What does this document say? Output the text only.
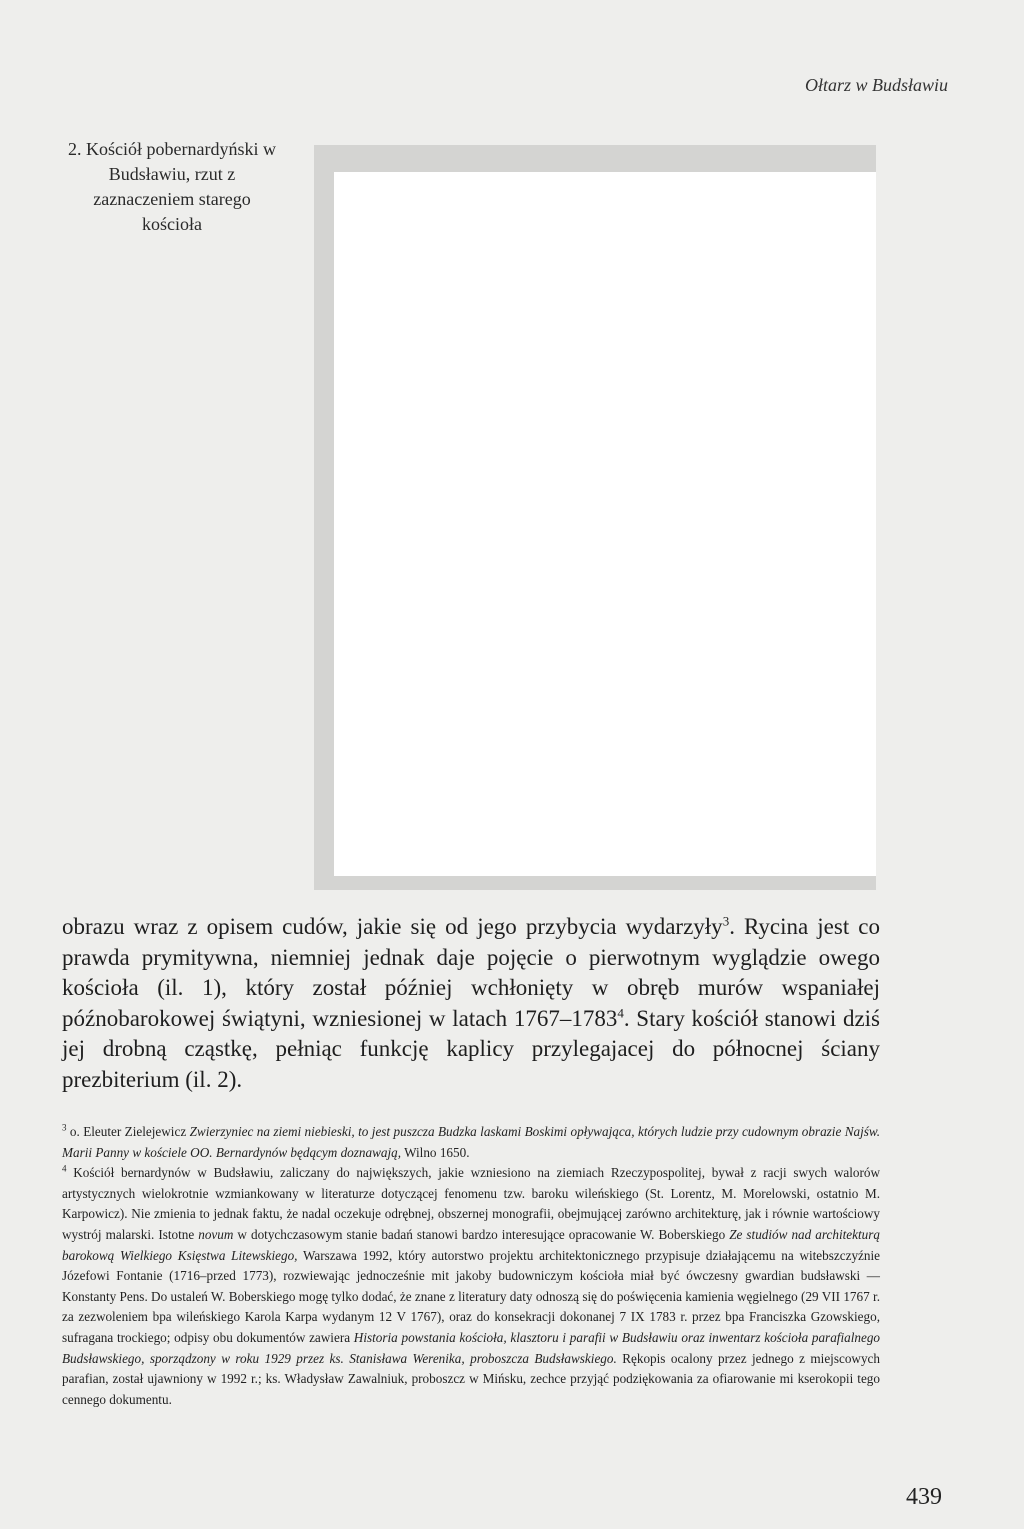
Ołtarz w Budsławiu
2. Kościół pobernardyński w Budsławiu, rzut z zaznaczeniem starego kościoła

obrazu wraz z opisem cudów, jakie się od jego przybycia wydarzyły$^3$. Rycina jest co prawda prymitywna, niemniej jednak daje pojęcie o pierwotnym wyglądzie owego kościoła (il. 1), który został później wchłonięty w obręb murów wspaniałej późnobarokowej świątyni, wzniesionej w latach 1767–1783$^4$. Stary kościół stanowi dziś jej drobną cząstkę, pełniąc funkcję kaplicy przylegajacej do północnej ściany prezbiterium (il. 2).

$^3$ o. Eleuter Zielejewicz Zwierzyniec na ziemi niebieski, to jest puszcza Budzka laskami Boskimi opływająca, których ludzie przy cudownym obrazie Najśw. Marii Panny w kościele OO. Bernardynów będącym doznawają, Wilno 1650.

$^4$ Kościół bernardynów w Budsławiu, zaliczany do największych, jakie wzniesiono na ziemiach Rzeczypospolitej, bywał z racji swych walorów artystycznych wielokrotnie wzmiankowany w literaturze dotyczącej fenomenu tzw. baroku wileńskiego (St. Lorentz, M. Morelowski, ostatnio M. Karpowicz). Nie zmienia to jednak faktu, że nadal oczekuje odrębnej, obszernej monografii, obejmującej zarówno architekturę, jak i równie wartościowy wystrój malarski. Istotne novum w dotychczasowym stanie badań stanowi bardzo interesujące opracowanie W. Boberskiego Ze studiów nad architekturą barokową Wielkiego Księstwa Litewskiego, Warszawa 1992, który autorstwo projektu architektonicznego przypisuje działającemu na witebszczyźnie Józefowi Fontanie (1716–przed 1773), rozwiewając jednocześnie mit jakoby budowniczym kościoła miał być ówczesny gwardian budsławski — Konstanty Pens. Do ustaleń W. Boberskiego mogę tylko dodać, że znane z literatury daty odnoszą się do poświęcenia kamienia węgielnego (29 VII 1767 r. za zezwoleniem bpa wileńskiego Karola Karpa wydanym 12 V 1767), oraz do konsekracji dokonanej 7 IX 1783 r. przez bpa Franciszka Gzowskiego, sufragana trockiego; odpisy obu dokumentów zawiera Historia powstania kościoła, klasztoru i parafii w Budsławiu oraz inwentarz kościoła parafialnego Budsławskiego, sporządzony w roku 1929 przez ks. Stanisława Werenika, proboszcza Budsławskiego. Rękopis ocalony przez jednego z miejscowych parafian, został ujawniony w 1992 r.; ks. Władysław Zawalniuk, proboszcz w Mińsku, zechce przyjąć podziękowania za ofiarowanie mi kserokopii tego cennego dokumentu.

439
